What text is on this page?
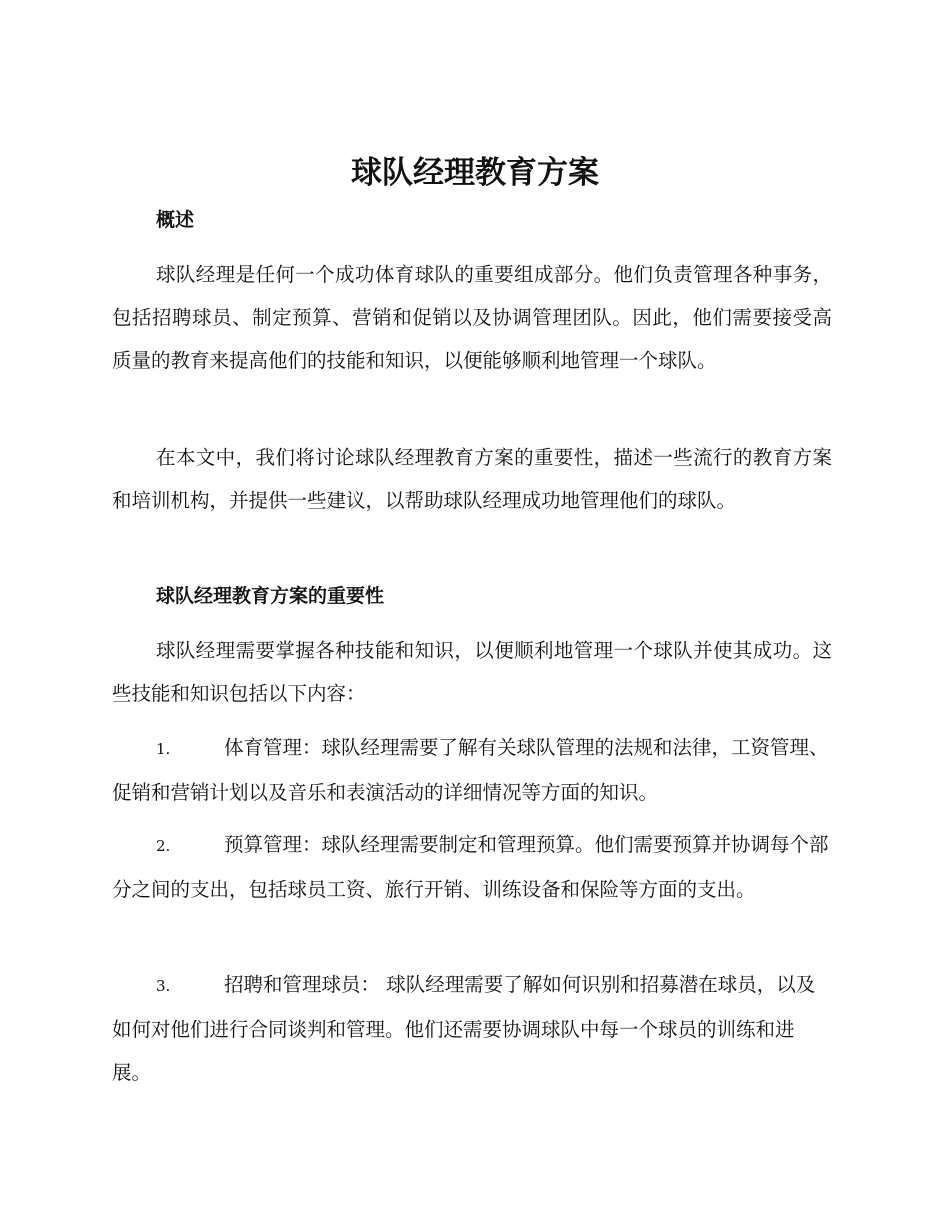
球队经理教育方案
概述

球队经理是任何一个成功体育球队的重要组成部分。他们负责管理各种事务，包括招聘球员、制定预算、营销和促销以及协调管理团队。因此，他们需要接受高质量的教育来提高他们的技能和知识，以便能够顺利地管理一个球队。

在本文中，我们将讨论球队经理教育方案的重要性，描述一些流行的教育方案和培训机构，并提供一些建议，以帮助球队经理成功地管理他们的球队。

球队经理教育方案的重要性

球队经理需要掌握各种技能和知识，以便顺利地管理一个球队并使其成功。这些技能和知识包括以下内容：

1.	体育管理：球队经理需要了解有关球队管理的法规和法律，工资管理、促销和营销计划以及音乐和表演活动的详细情况等方面的知识。

2.	预算管理：球队经理需要制定和管理预算。他们需要预算并协调每个部分之间的支出，包括球员工资、旅行开销、训练设备和保险等方面的支出。

3.	招聘和管理球员： 球队经理需要了解如何识别和招募潜在球员，以及如何对他们进行合同谈判和管理。他们还需要协调球队中每一个球员的训练和进展。
